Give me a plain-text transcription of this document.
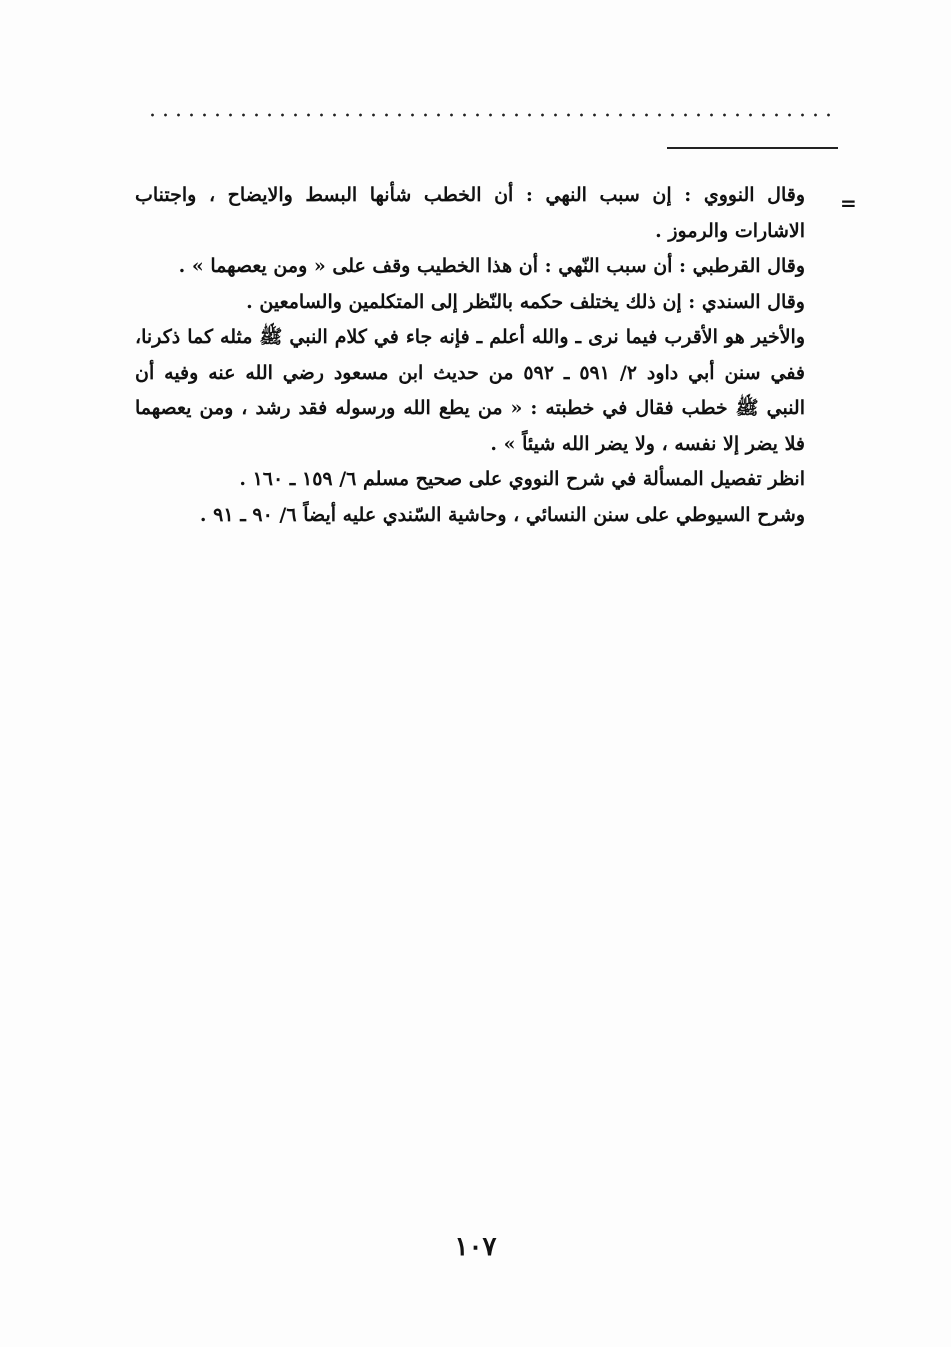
=
وقال النووي : إن سبب النهي : أن الخطب شأنها البسط والايضاح ، واجتناب
الاشارات والرموز .
وقال القرطبي : أن سبب النّهي : أن هذا الخطيب وقف على « ومن يعصهما » .
وقال السندي : إن ذلك يختلف حكمه بالنّظر إلى المتكلمين والسامعين .
والأخير هو الأقرب فيما نرى ـ والله أعلم ـ فإنه جاء في كلام النبي ﷺ مثله كما ذكرنا،
ففي سنن أبي داود ٢/ ٥٩١ ـ ٥٩٢ من حديث ابن مسعود رضي الله عنه وفيه أن
النبي ﷺ خطب فقال في خطبته : « من يطع الله ورسوله فقد رشد ، ومن يعصهما
فلا يضر إلا نفسه ، ولا يضر الله شيئاً » .
انظر تفصيل المسألة في شرح النووي على صحيح مسلم ٦/ ١٥٩ ـ ١٦٠ .
وشرح السيوطي على سنن النسائي ، وحاشية السّندي عليه أيضاً ٦/ ٩٠ ـ ٩١ .
١٠٧
